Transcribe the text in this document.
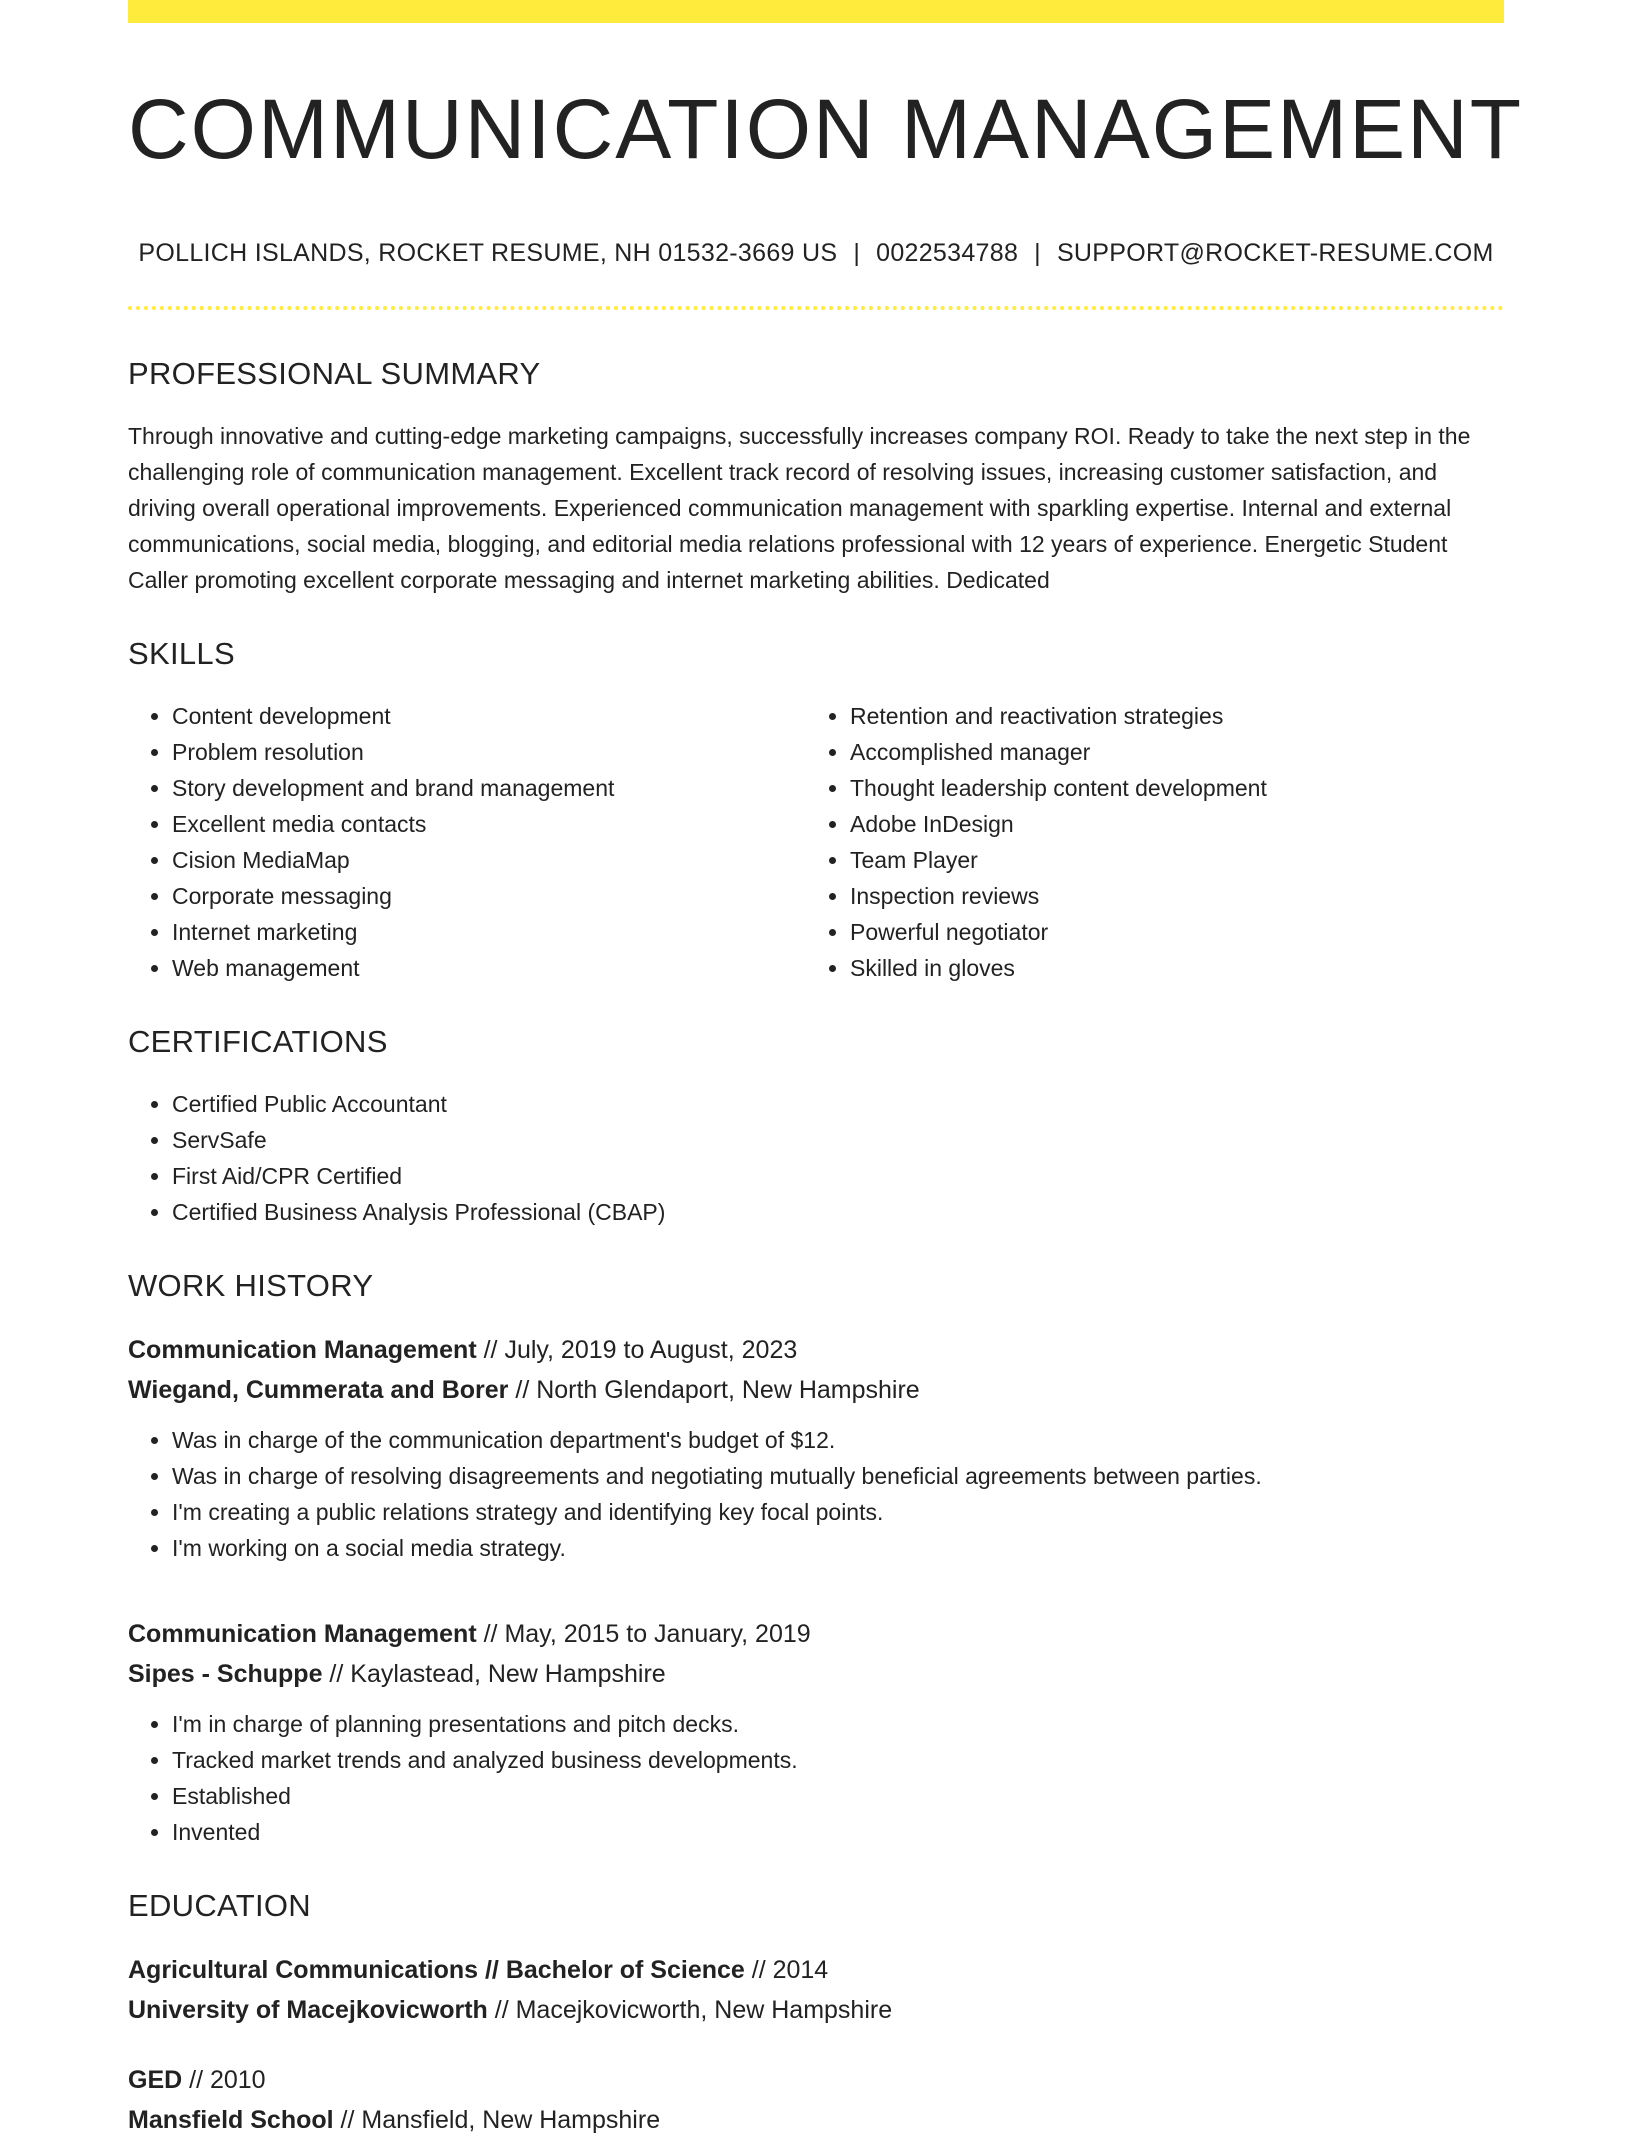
COMMUNICATION MANAGEMENT
POLLICH ISLANDS, ROCKET RESUME, NH 01532-3669 US | 0022534788 | SUPPORT@ROCKET-RESUME.COM
PROFESSIONAL SUMMARY

Through innovative and cutting-edge marketing campaigns, successfully increases company ROI. Ready to take the next step in the challenging role of communication management. Excellent track record of resolving issues, increasing customer satisfaction, and driving overall operational improvements. Experienced communication management with sparkling expertise. Internal and external communications, social media, blogging, and editorial media relations professional with 12 years of experience. Energetic Student Caller promoting excellent corporate messaging and internet marketing abilities. Dedicated

SKILLS
• Content development
• Problem resolution
• Story development and brand management
• Excellent media contacts
• Cision MediaMap
• Corporate messaging
• Internet marketing
• Web management
• Retention and reactivation strategies
• Accomplished manager
• Thought leadership content development
• Adobe InDesign
• Team Player
• Inspection reviews
• Powerful negotiator
• Skilled in gloves
CERTIFICATIONS
• Certified Public Accountant
• ServSafe
• First Aid/CPR Certified
• Certified Business Analysis Professional (CBAP)
WORK HISTORY
Communication Management // July, 2019 to August, 2023
Wiegand, Cummerata and Borer // North Glendaport, New Hampshire
• Was in charge of the communication department's budget of $12.
• Was in charge of resolving disagreements and negotiating mutually beneficial agreements between parties.
• I'm creating a public relations strategy and identifying key focal points.
• I'm working on a social media strategy.
Communication Management // May, 2015 to January, 2019
Sipes - Schuppe // Kaylastead, New Hampshire
• I'm in charge of planning presentations and pitch decks.
• Tracked market trends and analyzed business developments.
• Established
• Invented
EDUCATION
Agricultural Communications // Bachelor of Science // 2014
University of Macejkovicworth // Macejkovicworth, New Hampshire
GED // 2010
Mansfield School // Mansfield, New Hampshire
